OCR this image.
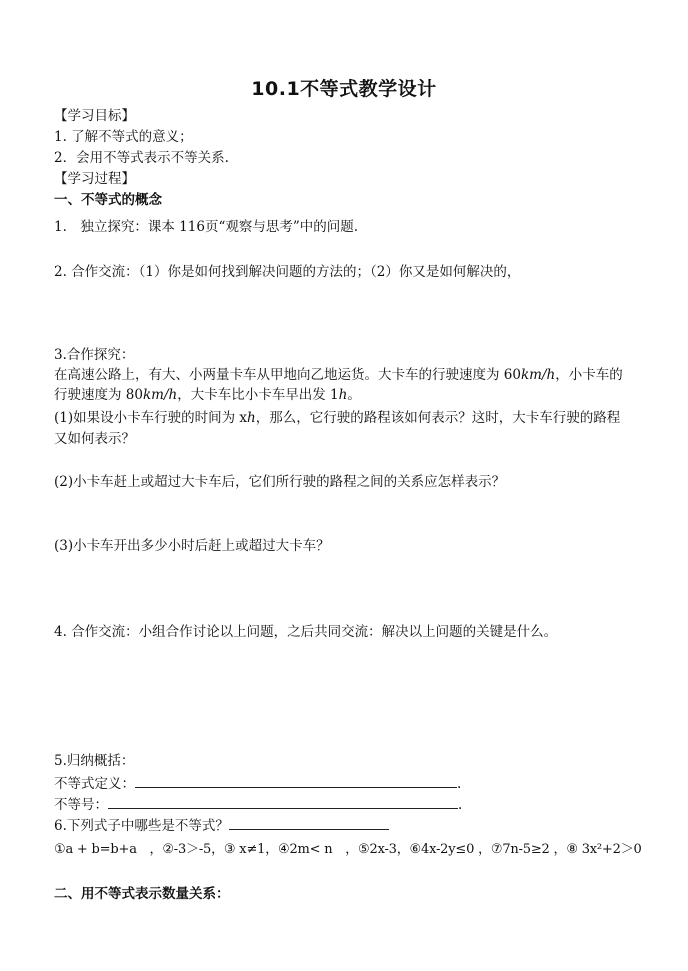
10.1不等式教学设计
【学习目标】
1. 了解不等式的意义；
2．会用不等式表示不等关系.
【学习过程】
一、不等式的概念
1.　独立探究：课本 116页“观察与思考”中的问题.
2. 合作交流：（1）你是如何找到解决问题的方法的；（2）你又是如何解决的，
3.合作探究：
在高速公路上，有大、小两量卡车从甲地向乙地运货。大卡车的行驶速度为 60km/h，小卡车的
行驶速度为 80km/h，大卡车比小卡车早出发 1h。
(1)如果设小卡车行驶的时间为 xh，那么，它行驶的路程该如何表示？这时，大卡车行驶的路程
又如何表示？
(2)小卡车赶上或超过大卡车后，它们所行驶的路程之间的关系应怎样表示？
(3)小卡车开出多少小时后赶上或超过大卡车？
4. 合作交流：小组合作讨论以上问题，之后共同交流：解决以上问题的关键是什么。
5.归纳概括：
不等式定义：	.
不等号：	.
6.下列式子中哪些是不等式？
①a + b=b+a　，②-3＞-5，③ x≠1，④2m< n　，⑤2x-3，⑥4x-2y≤0 ，⑦7n-5≥2 ，⑧ 3x²+2＞0
二、用不等式表示数量关系：
